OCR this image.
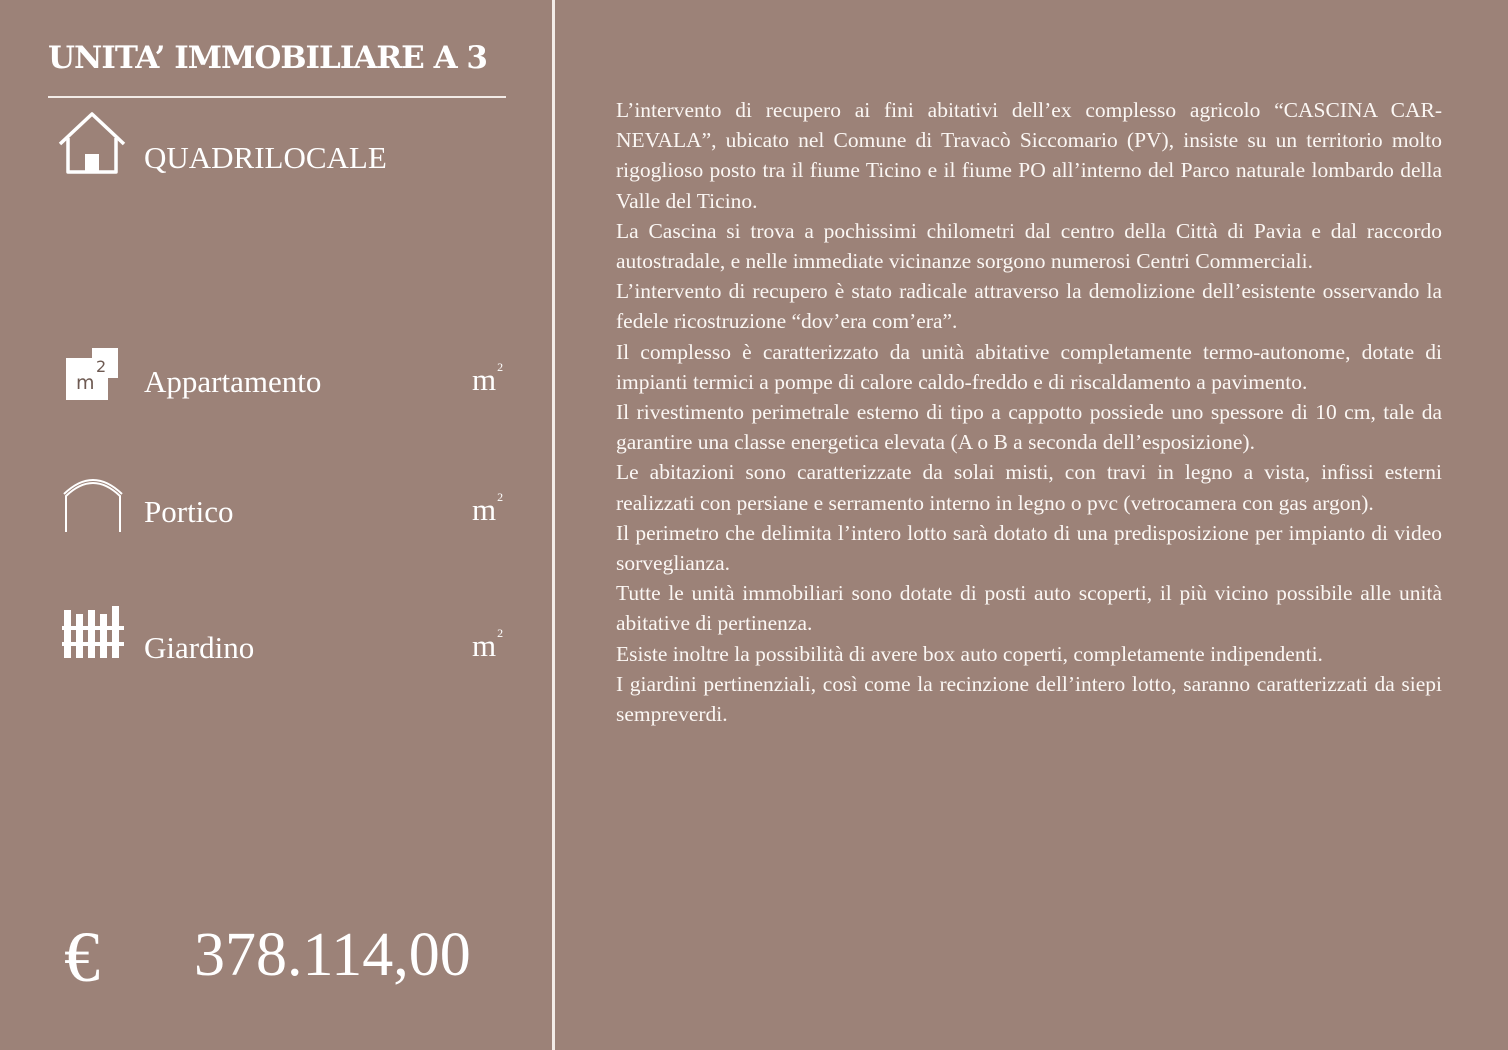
UNITA’ IMMOBILIARE A 3
QUADRILOCALE
m
2 Appartamento	$m^2$
Portico	$m^2$
Giardino	$m^2$
€ 378.114,00

L’intervento di recupero ai fini abitativi dell’ex complesso agricolo “CASCINA CAR-NEVALA”, ubicato nel Comune di Travacò Siccomario (PV), insiste su un territorio molto rigoglioso posto tra il fiume Ticino e il fiume PO all’interno del Parco naturale lombardo della Valle del Ticino.

La Cascina si trova a pochissimi chilometri dal centro della Città di Pavia e dal raccordo autostradale, e nelle immediate vicinanze sorgono numerosi Centri Commerciali.

L’intervento di recupero è stato radicale attraverso la demolizione dell’esistente osservando la fedele ricostruzione “dov’era com’era”.

Il complesso è caratterizzato da unità abitative completamente termo-autonome, dotate di impianti termici a pompe di calore caldo-freddo e di riscaldamento a pavimento.

Il rivestimento perimetrale esterno di tipo a cappotto possiede uno spessore di 10 cm, tale da garantire una classe energetica elevata (A o B a seconda dell’esposizione).

Le abitazioni sono caratterizzate da solai misti, con travi in legno a vista, infissi esterni realizzati con persiane e serramento interno in legno o pvc (vetrocamera con gas argon).

Il perimetro che delimita l’intero lotto sarà dotato di una predisposizione per impianto di video sorveglianza.

Tutte le unità immobiliari sono dotate di posti auto scoperti, il più vicino possibile alle unità abitative di pertinenza.

Esiste inoltre la possibilità di avere box auto coperti, completamente indipendenti.

I giardini pertinenziali, così come la recinzione dell’intero lotto, saranno caratterizzati da siepi sempreverdi.
